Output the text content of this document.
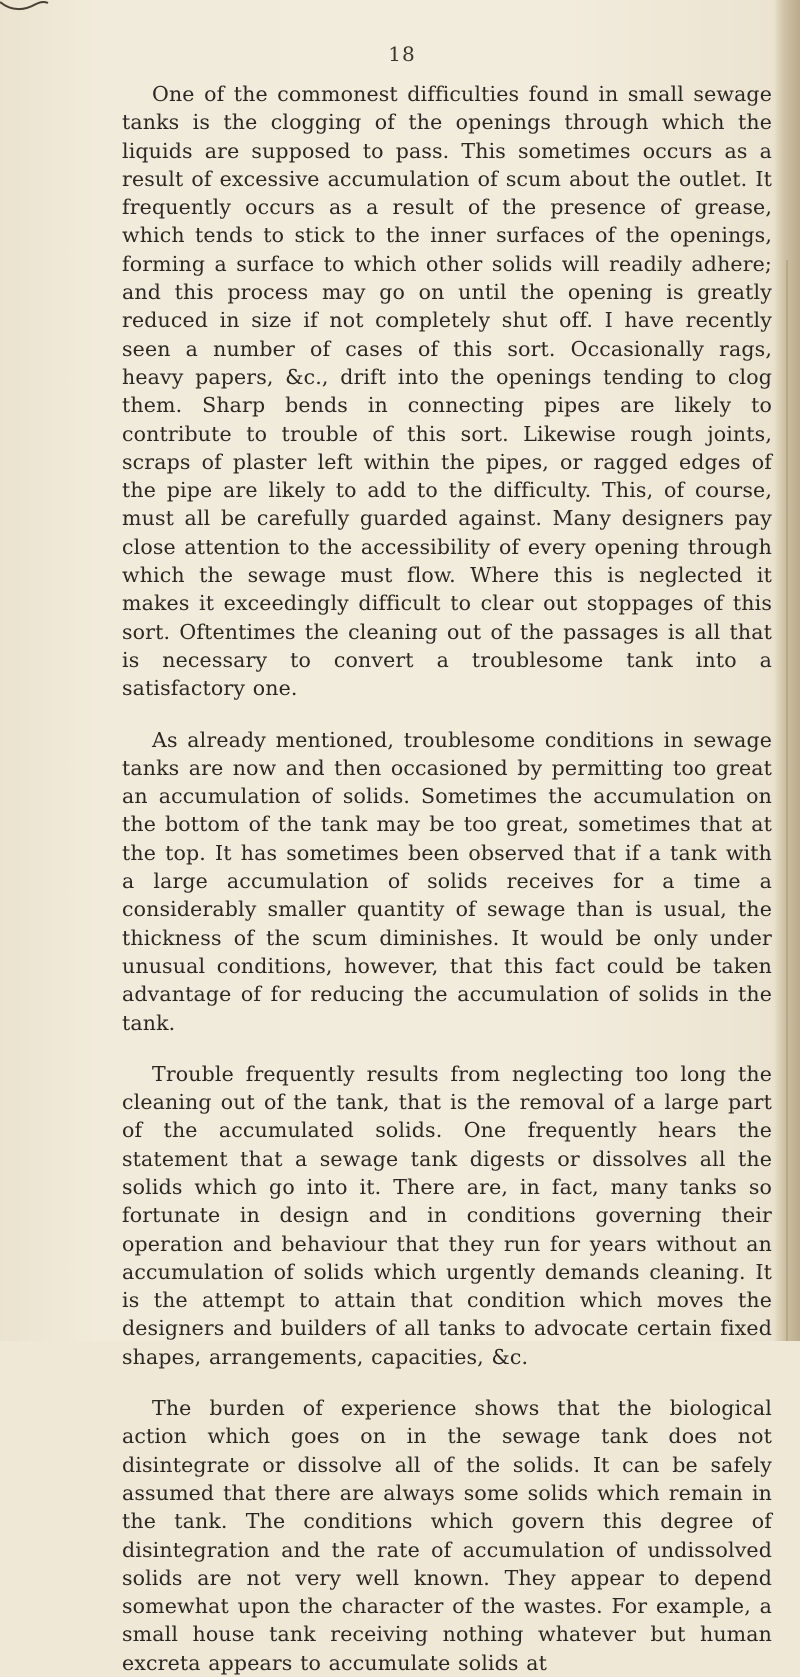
18

One of the commonest difficulties found in small sewage tanks is the clogging of the openings through which the liquids are supposed to pass. This sometimes occurs as a result of excessive accumulation of scum about the outlet. It frequently occurs as a result of the presence of grease, which tends to stick to the inner surfaces of the openings, forming a surface to which other solids will readily adhere; and this process may go on until the opening is greatly reduced in size if not completely shut off. I have recently seen a number of cases of this sort. Occasionally rags, heavy papers, &c., drift into the openings tending to clog them. Sharp bends in connecting pipes are likely to contribute to trouble of this sort. Likewise rough joints, scraps of plaster left within the pipes, or ragged edges of the pipe are likely to add to the difficulty. This, of course, must all be carefully guarded against. Many designers pay close attention to the accessibility of every opening through which the sewage must flow. Where this is neglected it makes it exceedingly difficult to clear out stoppages of this sort. Oftentimes the cleaning out of the passages is all that is necessary to convert a troublesome tank into a satisfactory one.

As already mentioned, troublesome conditions in sewage tanks are now and then occasioned by permitting too great an accumulation of solids. Sometimes the accumulation on the bottom of the tank may be too great, sometimes that at the top. It has sometimes been observed that if a tank with a large accumulation of solids receives for a time a considerably smaller quantity of sewage than is usual, the thickness of the scum diminishes. It would be only under unusual conditions, however, that this fact could be taken advantage of for reducing the accumulation of solids in the tank.

Trouble frequently results from neglecting too long the cleaning out of the tank, that is the removal of a large part of the accumulated solids. One frequently hears the statement that a sewage tank digests or dissolves all the solids which go into it. There are, in fact, many tanks so fortunate in design and in conditions governing their operation and behaviour that they run for years without an accumulation of solids which urgently demands cleaning. It is the attempt to attain that condition which moves the designers and builders of all tanks to advocate certain fixed shapes, arrangements, capacities, &c.

The burden of experience shows that the biological action which goes on in the sewage tank does not disintegrate or dissolve all of the solids. It can be safely assumed that there are always some solids which remain in the tank. The conditions which govern this degree of disintegration and the rate of accumulation of undissolved solids are not very well known. They appear to depend somewhat upon the character of the wastes. For example, a small house tank receiving nothing whatever but human excreta appears to accumulate solids at
